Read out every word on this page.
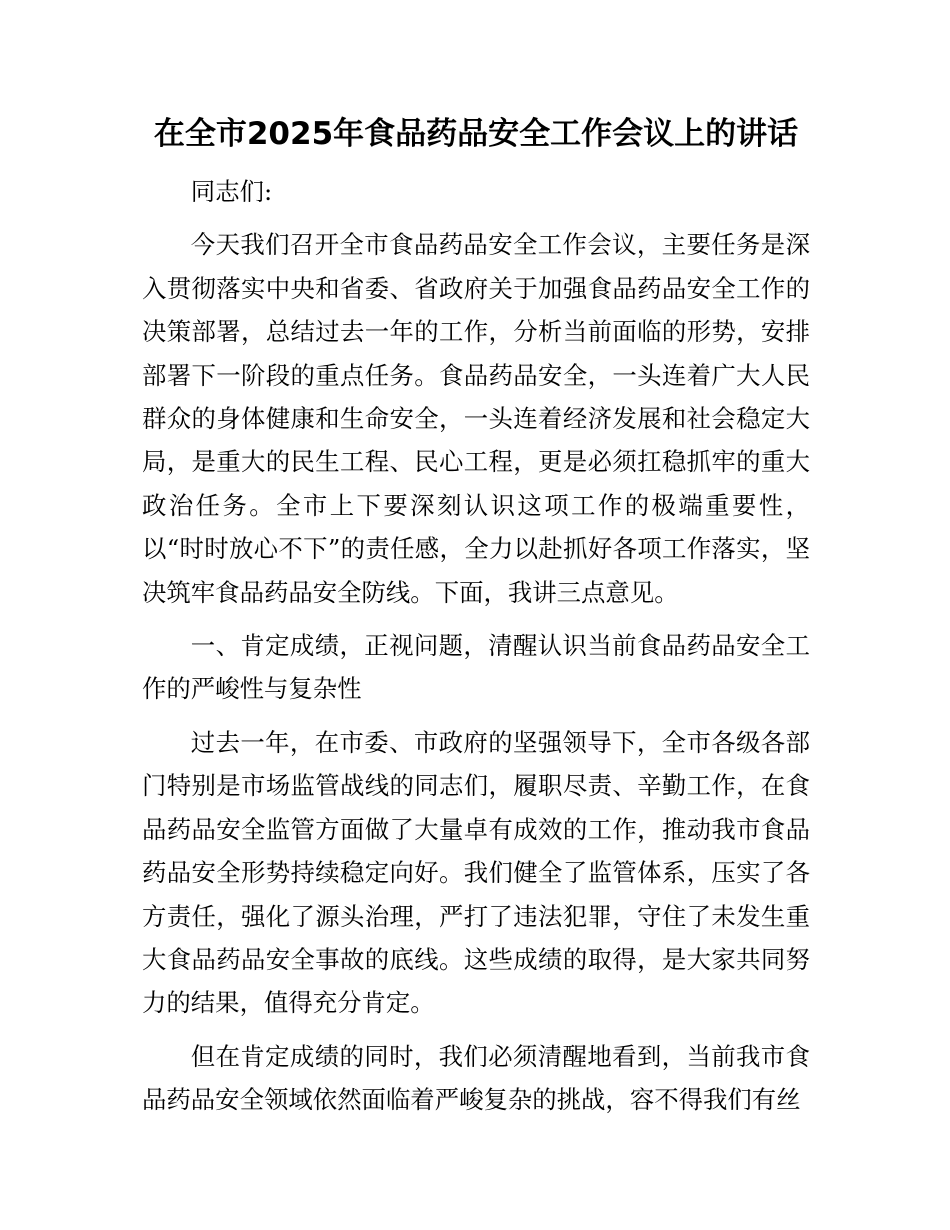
在全市2025年食品药品安全工作会议上的讲话

同志们:

今天我们召开全市食品药品安全工作会议，主要任务是深入贯彻落实中央和省委、省政府关于加强食品药品安全工作的决策部署，总结过去一年的工作，分析当前面临的形势，安排部署下一阶段的重点任务。食品药品安全，一头连着广大人民群众的身体健康和生命安全，一头连着经济发展和社会稳定大局，是重大的民生工程、民心工程，更是必须扛稳抓牢的重大政治任务。全市上下要深刻认识这项工作的极端重要性，以“时时放心不下”的责任感，全力以赴抓好各项工作落实，坚决筑牢食品药品安全防线。下面，我讲三点意见。

一、肯定成绩，正视问题，清醒认识当前食品药品安全工作的严峻性与复杂性

过去一年，在市委、市政府的坚强领导下，全市各级各部门特别是市场监管战线的同志们，履职尽责、辛勤工作，在食品药品安全监管方面做了大量卓有成效的工作，推动我市食品药品安全形势持续稳定向好。我们健全了监管体系，压实了各方责任，强化了源头治理，严打了违法犯罪，守住了未发生重大食品药品安全事故的底线。这些成绩的取得，是大家共同努力的结果，值得充分肯定。

但在肯定成绩的同时，我们必须清醒地看到，当前我市食品药品安全领域依然面临着严峻复杂的挑战，容不得我们有丝
